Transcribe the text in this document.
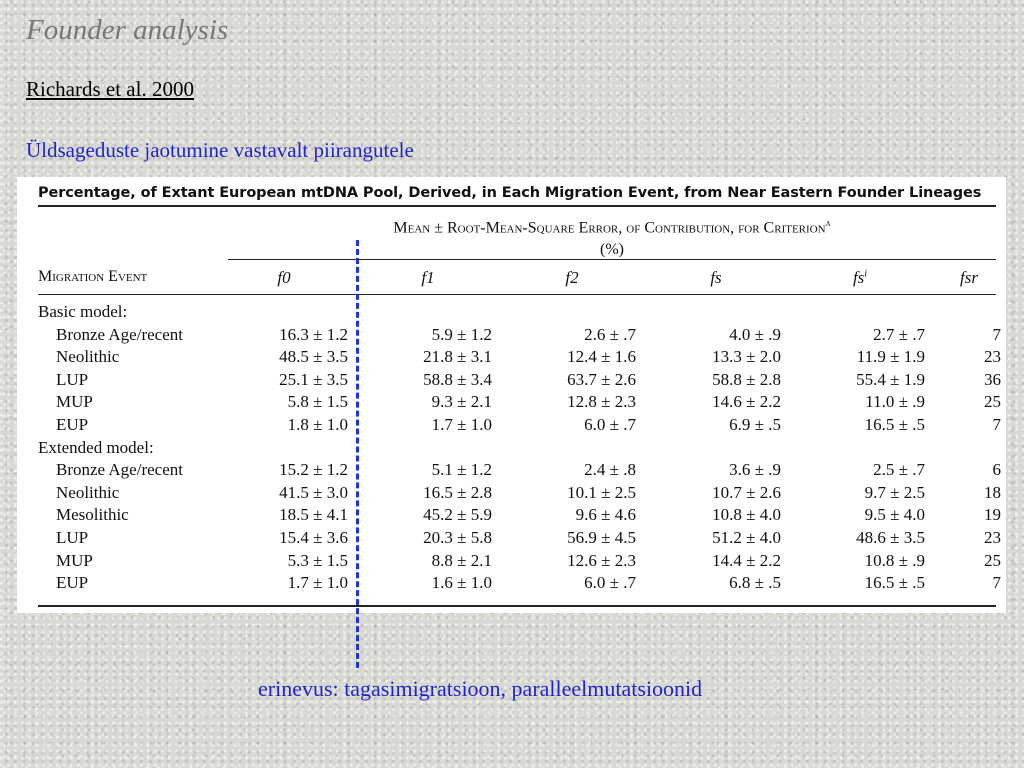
Founder analysis
Richards et al. 2000
Üldsageduste jaotumine vastavalt piirangutele
Percentage, of Extant European mtDNA Pool, Derived, in Each Migration Event, from Near Eastern Founder Lineages
Mean ± Root-Mean-Square Error, of Contribution, for Criterion$^a$
(%)
Migration Event	f0	f1	f2	fs	$fs^i$	fsr
Basic model:
Bronze Age/recent	16.3 ± 1.2	5.9 ± 1.2	2.6 ± .7	4.0 ± .9	2.7 ± .7	7
Neolithic	48.5 ± 3.5	21.8 ± 3.1	12.4 ± 1.6	13.3 ± 2.0	11.9 ± 1.9	23
LUP	25.1 ± 3.5	58.8 ± 3.4	63.7 ± 2.6	58.8 ± 2.8	55.4 ± 1.9	36
MUP	5.8 ± 1.5	9.3 ± 2.1	12.8 ± 2.3	14.6 ± 2.2	11.0 ± .9	25
EUP	1.8 ± 1.0	1.7 ± 1.0	6.0 ± .7	6.9 ± .5	16.5 ± .5	7
Extended model:
Bronze Age/recent	15.2 ± 1.2	5.1 ± 1.2	2.4 ± .8	3.6 ± .9	2.5 ± .7	6
Neolithic	41.5 ± 3.0	16.5 ± 2.8	10.1 ± 2.5	10.7 ± 2.6	9.7 ± 2.5	18
Mesolithic	18.5 ± 4.1	45.2 ± 5.9	9.6 ± 4.6	10.8 ± 4.0	9.5 ± 4.0	19
LUP	15.4 ± 3.6	20.3 ± 5.8	56.9 ± 4.5	51.2 ± 4.0	48.6 ± 3.5	23
MUP	5.3 ± 1.5	8.8 ± 2.1	12.6 ± 2.3	14.4 ± 2.2	10.8 ± .9	25
EUP	1.7 ± 1.0	1.6 ± 1.0	6.0 ± .7	6.8 ± .5	16.5 ± .5	7
erinevus: tagasimigratsioon, paralleelmutatsioonid
